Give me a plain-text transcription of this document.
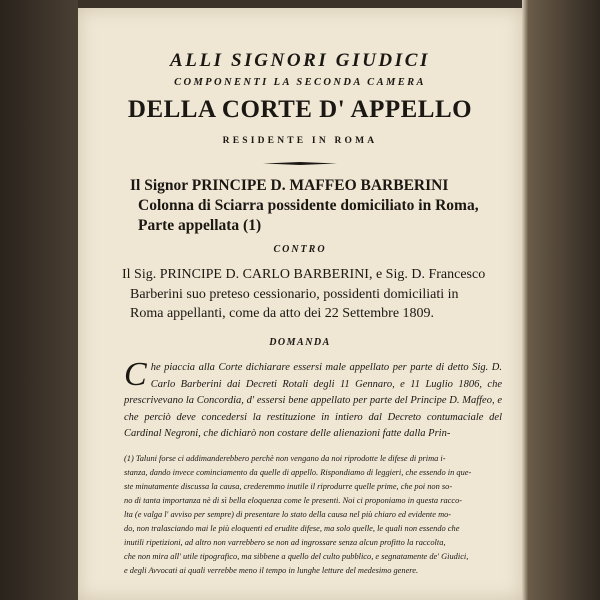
ALLI SIGNORI GIUDICI
COMPONENTI LA SECONDA CAMERA
DELLA CORTE D' APPELLO
RESIDENTE IN ROMA
Il Signor PRINCIPE D. MAFFEO BARBERINI
Colonna di Sciarra possidente domiciliato in Roma,
Parte appellata (1)
CONTRO
Il Sig. PRINCIPE D. CARLO BARBERINI, e Sig. D. Francesco
Barberini suo preteso cessionario, possidenti domiciliati in
Roma appellanti, come da atto dei 22 Settembre 1809.
DOMANDA
C he piaccia alla Corte dichiarare essersi male appellato per parte di detto Sig. D. Carlo Barberini dai Decreti Rotali degli 11 Gennaro, e 11 Luglio 1806, che prescrivevano la Concordia, d' essersi bene appellato per parte del Principe D. Maffeo, e che perciò deve concedersi la restituzione in intiero dal Decreto contumaciale del Cardinal Negroni, che dichiarò non costare delle alienazioni fatte dalla Prin-
(1) Taluni forse ci addimanderebbero perchè non vengano da noi riprodotte le difese di prima i-
stanza, dando invece cominciamento da quelle di appello. Rispondiamo di leggieri, che essendo in que-
ste minutamente discussa la causa, crederemmo inutile il riprodurre quelle prime, che poi non so-
no di tanta importanza nè di sì bella eloquenza come le presenti. Noi ci proponiamo in questa racco-
lta (e valga l' avviso per sempre) di presentare lo stato della causa nel più chiaro ed evidente mo-
do, non tralasciando mai le più eloquenti ed erudite difese, ma solo quelle, le quali non essendo che
inutili ripetizioni, ad altro non varrebbero se non ad ingrossare senza alcun profitto la raccolta,
che non mira all' utile tipografico, ma sibbene a quello del culto pubblico, e segnatamente de' Giudici,
e degli Avvocati ai quali verrebbe meno il tempo in lunghe letture del medesimo genere.
